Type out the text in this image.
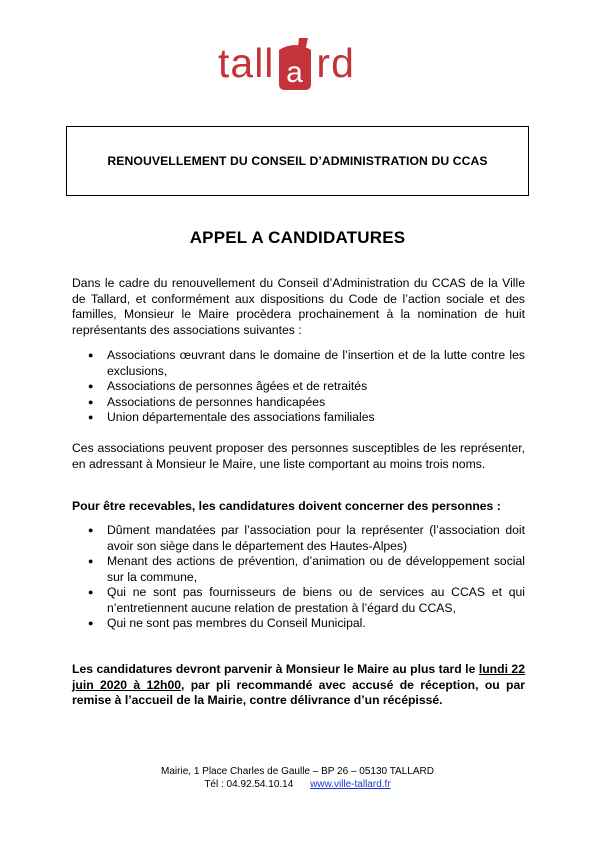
tall a rd
RENOUVELLEMENT DU CONSEIL D’ADMINISTRATION DU CCAS
APPEL A CANDIDATURES
Dans le cadre du renouvellement du Conseil d’Administration du CCAS de la Ville de Tallard, et conformément aux dispositions du Code de l’action sociale et des familles, Monsieur le Maire procèdera prochainement à la nomination de huit représentants des associations suivantes :
● Associations œuvrant dans le domaine de l’insertion et de la lutte contre les exclusions,
● Associations de personnes âgées et de retraités
● Associations de personnes handicapées
● Union départementale des associations familiales
Ces associations peuvent proposer des personnes susceptibles de les représenter, en adressant à Monsieur le Maire, une liste comportant au moins trois noms.
Pour être recevables, les candidatures doivent concerner des personnes :
● Dûment mandatées par l’association pour la représenter (l’association doit avoir son siège dans le département des Hautes-Alpes)
● Menant des actions de prévention, d’animation ou de développement social sur la commune,
● Qui ne sont pas fournisseurs de biens ou de services au CCAS et qui n’entretiennent aucune relation de prestation à l’égard du CCAS,
● Qui ne sont pas membres du Conseil Municipal.
Les candidatures devront parvenir à Monsieur le Maire au plus tard le lundi 22 juin 2020 à 12h00, par pli recommandé avec accusé de réception, ou par remise à l’accueil de la Mairie, contre délivrance d’un récépissé.
Mairie, 1 Place Charles de Gaulle – BP 26 – 05130 TALLARD
Tél : 04.92.54.10.14 www.ville-tallard.fr
